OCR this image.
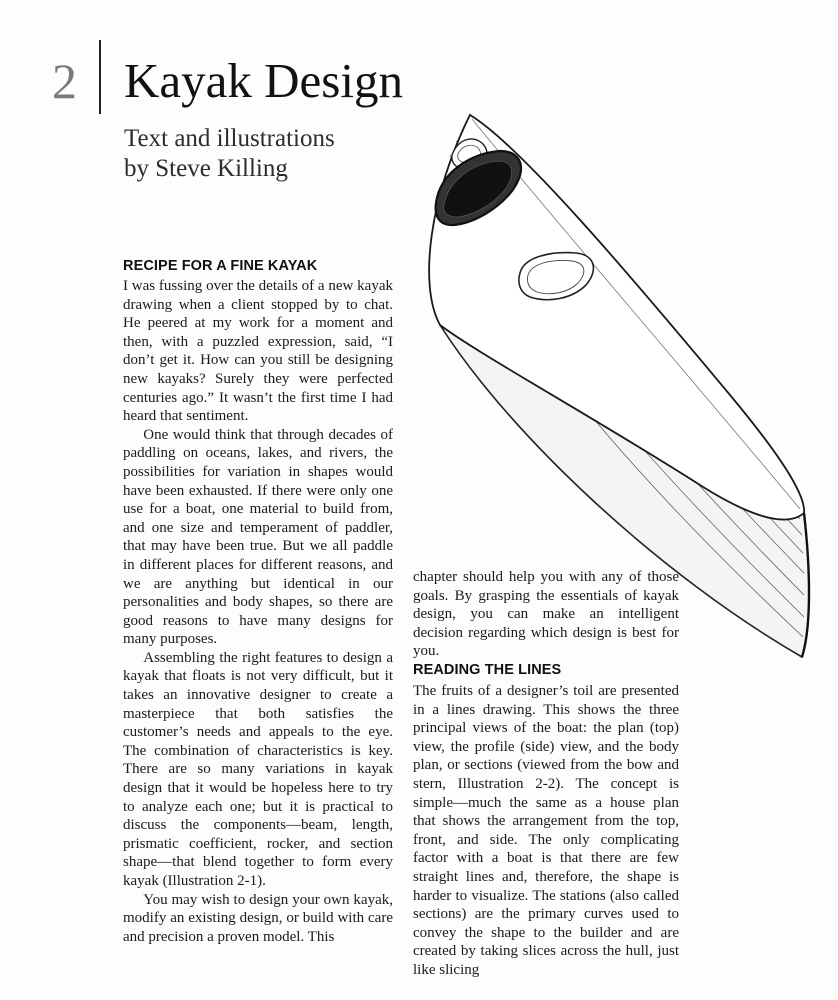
2 Kayak Design
Text and illustrations
by Steve Killing
RECIPE FOR A FINE KAYAK

I was fussing over the details of a new kayak drawing when a client stopped by to chat. He peered at my work for a moment and then, with a puzzled expression, said, “I don’t get it. How can you still be designing new kayaks? Surely they were perfected centuries ago.” It wasn’t the first time I had heard that sentiment.

One would think that through decades of paddling on oceans, lakes, and rivers, the possibilities for variation in shapes would have been exhausted. If there were only one use for a boat, one material to build from, and one size and temperament of paddler, that may have been true. But we all paddle in different places for different reasons, and we are anything but identical in our personalities and body shapes, so there are good reasons to have many designs for many purposes.

Assembling the right features to design a kayak that floats is not very difficult, but it takes an innovative designer to create a masterpiece that both satisfies the customer’s needs and appeals to the eye. The combination of characteristics is key. There are so many variations in kayak design that it would be hopeless here to try to analyze each one; but it is practical to discuss the components—beam, length, prismatic coefficient, rocker, and section shape—that blend together to form every kayak (Illustration 2-1).

You may wish to design your own kayak, modify an existing design, or build with care and precision a proven model. This

chapter should help you with any of those goals. By grasping the essentials of kayak design, you can make an intelligent decision regarding which design is best for you.

READING THE LINES

The fruits of a designer’s toil are presented in a lines drawing. This shows the three principal views of the boat: the plan (top) view, the profile (side) view, and the body plan, or sections (viewed from the bow and stern, Illustration 2-2). The concept is simple—much the same as a house plan that shows the arrangement from the top, front, and side. The only complicating factor with a boat is that there are few straight lines and, therefore, the shape is harder to visualize. The stations (also called sections) are the primary curves used to convey the shape to the builder and are created by taking slices across the hull, just like slicing
